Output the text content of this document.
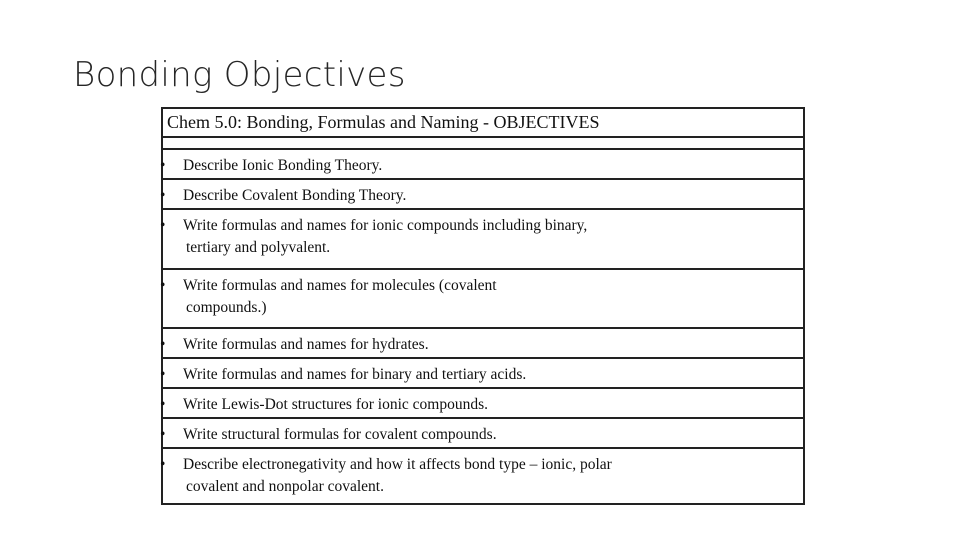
Bonding Objectives
Chem 5.0: Bonding, Formulas and Naming - OBJECTIVES
• Describe Ionic Bonding Theory.
• Describe Covalent Bonding Theory.
• Write formulas and names for ionic compounds including binary, tertiary and polyvalent.
• Write formulas and names for molecules (covalent compounds.)
• Write formulas and names for hydrates.
• Write formulas and names for binary and tertiary acids.
• Write Lewis-Dot structures for ionic compounds.
• Write structural formulas for covalent compounds.
• Describe electronegativity and how it affects bond type – ionic, polar covalent and nonpolar covalent.
